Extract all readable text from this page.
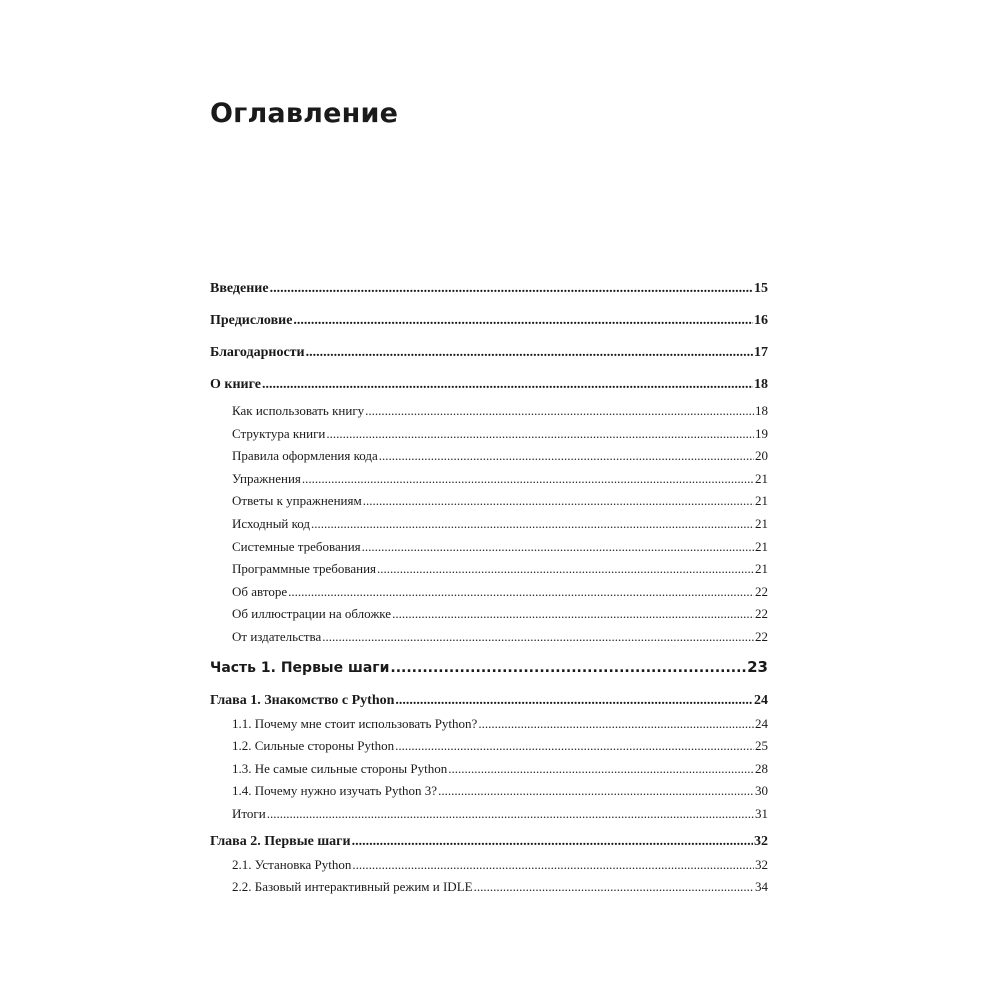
Оглавление
Введение .....	15
Предисловие .....	16
Благодарности .....	17
О книге .....	18
Как использовать книгу .....	18
Структура книги .....	19
Правила оформления кода .....	20
Упражнения .....	21
Ответы к упражнениям .....	21
Исходный код .....	21
Системные требования .....	21
Программные требования .....	21
Об авторе .....	22
Об иллюстрации на обложке .....	22
От издательства .....	22
Часть 1. Первые шаги .....	23
Глава 1. Знакомство с Python .....	24
1.1. Почему мне стоит использовать Python? .....	24
1.2. Сильные стороны Python .....	25
1.3. Не самые сильные стороны Python .....	28
1.4. Почему нужно изучать Python 3? .....	30
Итоги .....	31
Глава 2. Первые шаги .....	32
2.1. Установка Python .....	32
2.2. Базовый интерактивный режим и IDLE .....	34
